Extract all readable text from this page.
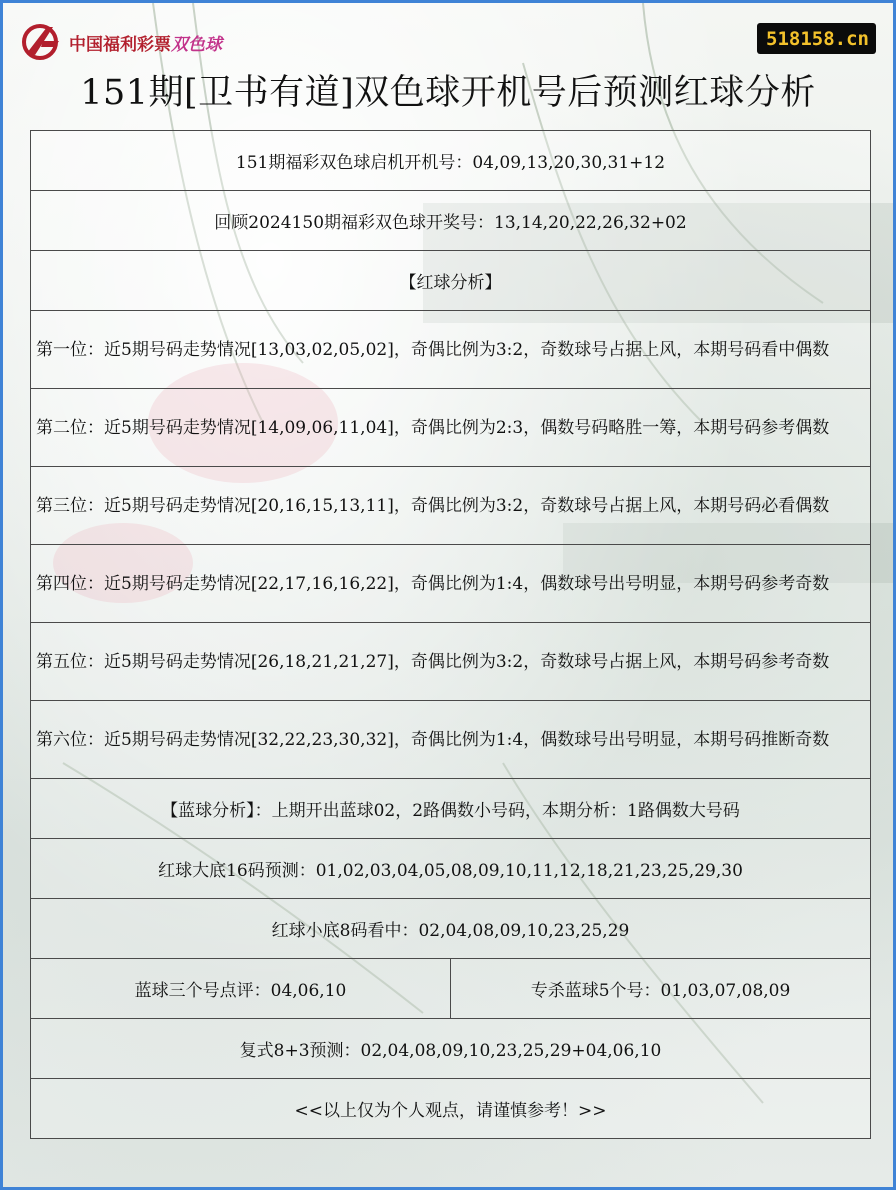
中国福利彩票双色球	518158.cn
151期[卫书有道]双色球开机号后预测红球分析
151期福彩双色球启机开机号：04,09,13,20,30,31+12
回顾2024150期福彩双色球开奖号：13,14,20,22,26,32+02
【红球分析】
第一位：近5期号码走势情况[13,03,02,05,02]，奇偶比例为3:2，奇数球号占据上风，本期号码看中偶数
第二位：近5期号码走势情况[14,09,06,11,04]，奇偶比例为2:3，偶数号码略胜一筹，本期号码参考偶数
第三位：近5期号码走势情况[20,16,15,13,11]，奇偶比例为3:2，奇数球号占据上风，本期号码必看偶数
第四位：近5期号码走势情况[22,17,16,16,22]，奇偶比例为1:4，偶数球号出号明显，本期号码参考奇数
第五位：近5期号码走势情况[26,18,21,21,27]，奇偶比例为3:2，奇数球号占据上风，本期号码参考奇数
第六位：近5期号码走势情况[32,22,23,30,32]，奇偶比例为1:4，偶数球号出号明显，本期号码推断奇数
【蓝球分析】：上期开出蓝球02，2路偶数小号码，本期分析：1路偶数大号码
红球大底16码预测：01,02,03,04,05,08,09,10,11,12,18,21,23,25,29,30
红球小底8码看中：02,04,08,09,10,23,25,29
蓝球三个号点评：04,06,10	专杀蓝球5个号：01,03,07,08,09
复式8+3预测：02,04,08,09,10,23,25,29+04,06,10
<<以上仅为个人观点，请谨慎参考！>>
